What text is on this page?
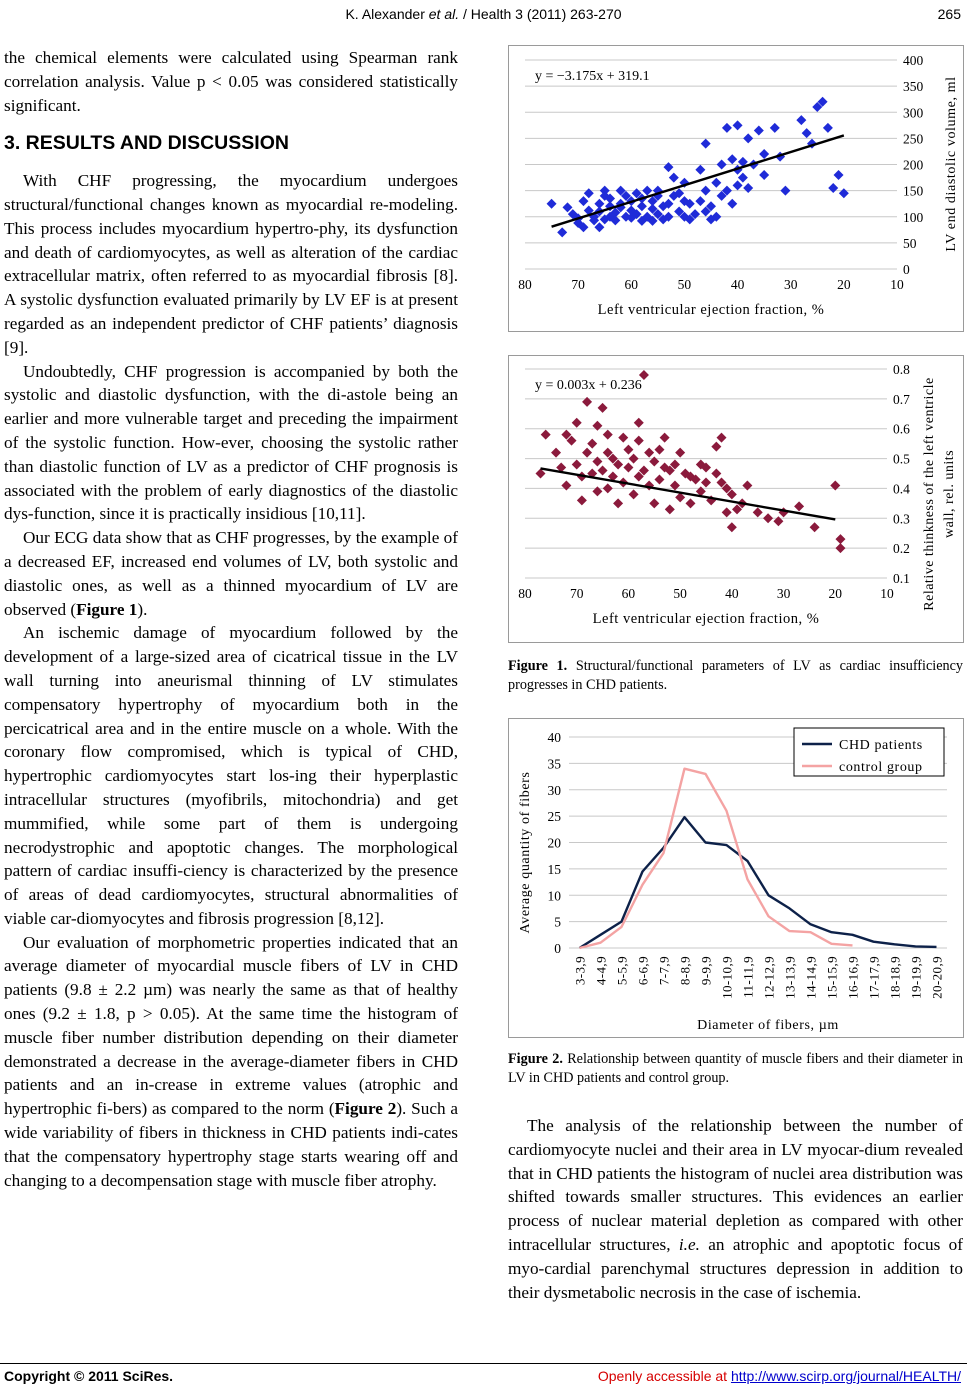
K. Alexander et al. / Health 3 (2011) 263-270	265

the chemical elements were calculated using Spearman rank correlation analysis. Value p < 0.05 was considered statistically significant.

3. RESULTS AND DISCUSSION

With CHF progressing, the myocardium undergoes structural/functional changes known as myocardial re-modeling. This process includes myocardium hypertro-phy, its dysfunction and death of cardiomyocytes, as well as alteration of the cardiac extracellular matrix, often referred to as myocardial fibrosis [8]. A systolic dysfunction evaluated primarily by LV EF is at present regarded as an independent predictor of CHF patients’ diagnosis [9].

Undoubtedly, CHF progression is accompanied by both the systolic and diastolic dysfunction, with the di-astole being an earlier and more vulnerable target and preceding the impairment of the systolic function. How-ever, choosing the systolic rather than diastolic function of LV as a predictor of CHF prognosis is associated with the problem of early diagnostics of the diastolic dys-function, since it is practically insidious [10,11].

Our ECG data show that as CHF progresses, by the example of a decreased EF, increased end volumes of LV, both systolic and diastolic ones, as well as a thinned myocardium of LV are observed (Figure 1).

An ischemic damage of myocardium followed by the development of a large-sized area of cicatrical tissue in the LV wall turning into aneurismal thinning of LV stimulates compensatory hypertrophy of myocardium both in the percicatrical area and in the entire muscle on a whole. With the coronary flow compromised, which is typical of CHD, hypertrophic cardiomyocytes start los-ing their hyperplastic intracellular structures (myofibrils, mitochondria) and get mummified, while some part of them is undergoing necrodystrophic and apoptotic changes. The morphological pattern of cardiac insuffi-ciency is characterized by the presence of areas of dead cardiomyocytes, structural abnormalities of viable car-diomyocytes and fibrosis progression [8,12].

Our evaluation of morphometric properties indicated that an average diameter of myocardial muscle fibers of LV in CHD patients (9.8 ± 2.2 µm) was nearly the same as that of healthy ones (9.2 ± 1.8, p > 0.05). At the same time the histogram of muscle fiber number distribution depending on their diameter demonstrated a decrease in the average-diameter fibers in CHD patients and an in-crease in extreme values (atrophic and hypertrophic fi-bers) as compared to the norm (Figure 2). Such a wide variability of fibers in thickness in CHD patients indi-cates that the compensatory hypertrophy stage starts wearing off and changing to a decompensation stage with muscle fiber atrophy.

0
50
100
150
200
250
300
350
400
80	70	60	50	40	30	20	10
y = −3.175x + 319.1
Left ventricular ejection fraction, %
LV end diastolic volume, ml
0.1
0.2
0.3
0.4
0.5
0.6
0.7
0.8
80	70	60	50	40	30	20	10
y = 0.003x + 0.236
Left ventricular ejection fraction, %
Relative thinkness of the left ventricle wall, rel. units
Figure 1. Structural/functional parameters of LV as cardiac insufficiency progresses in CHD patients.
0
5
10
15
20
25
30
35
40
3-3,9 4-4,9 5-5,9 6-6,9 7-7,9 8-8,9 9-9,9 10-10,9 11-11,9 12-12,9 13-13,9 14-14,9 15-15,9 16-16,9 17-17,9 18-18,9 19-19,9 20-20,9
CHD patients
control group
Average quantity of fibers
Diameter of fibers, µm
Figure 2. Relationship between quantity of muscle fibers and their diameter in LV in CHD patients and control group.

The analysis of the relationship between the number of cardiomyocyte nuclei and their area in LV myocar-dium revealed that in CHD patients the histogram of nuclei area distribution was shifted towards smaller structures. This evidences an earlier process of nuclear material depletion as compared with other intracellular structures, i.e. an atrophic and apoptotic focus of myo-cardial parenchymal structures depression in addition to their dysmetabolic necrosis in the case of ischemia.

Copyright © 2011 SciRes.	Openly accessible at http://www.scirp.org/journal/HEALTH/
